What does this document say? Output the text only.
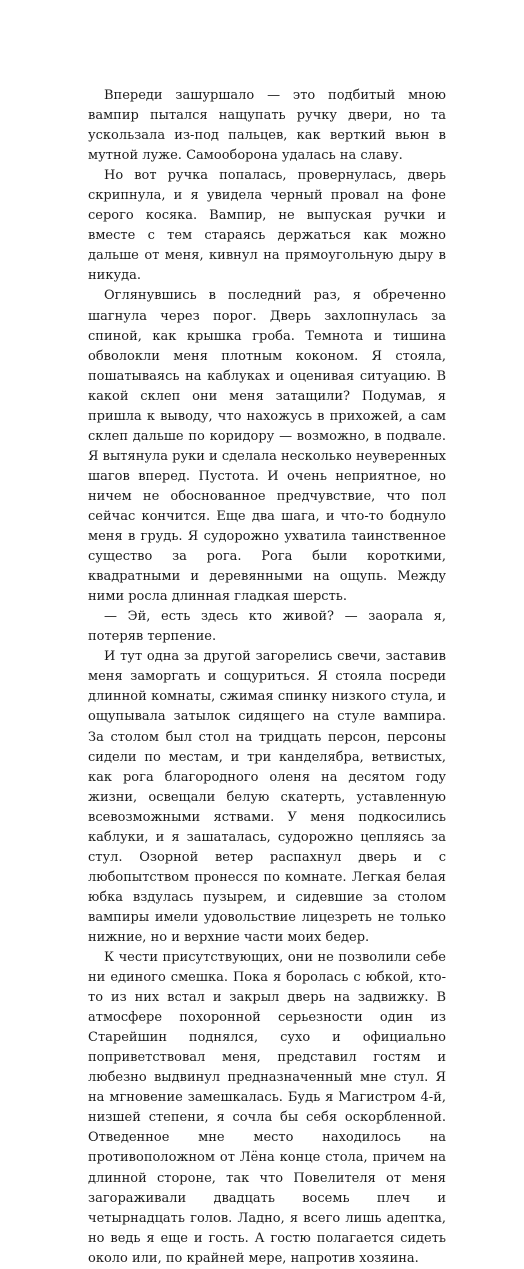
Впереди зашуршало — это подбитый мною вампир пытался нащупать ручку двери, но та ускользала из-под пальцев, как верткий вьюн в мутной луже. Самооборона удалась на славу.

Но вот ручка попалась, провернулась, дверь скрипнула, и я увидела черный провал на фоне серого косяка. Вампир, не выпуская ручки и вместе с тем стараясь держаться как можно дальше от меня, кивнул на прямоугольную дыру в никуда.

Оглянувшись в последний раз, я обреченно шагнула через порог. Дверь захлопнулась за спиной, как крышка гроба. Темнота и тишина обволокли меня плотным коконом. Я стояла, пошатываясь на каблуках и оценивая ситуацию. В какой склеп они меня затащили? Подумав, я пришла к выводу, что нахожусь в прихожей, а сам склеп дальше по коридору — возможно, в подвале. Я вытянула руки и сделала несколько неуверенных шагов вперед. Пустота. И очень неприятное, но ничем не обоснованное предчувствие, что пол сейчас кончится. Еще два шага, и что-то боднуло меня в грудь. Я судорожно ухватила таинственное существо за рога. Рога были короткими, квадратными и деревянными на ощупь. Между ними росла длинная гладкая шерсть.

— Эй, есть здесь кто живой? — заорала я, потеряв терпение.

И тут одна за другой загорелись свечи, заставив меня заморгать и сощуриться. Я стояла посреди длинной комнаты, сжимая спинку низкого стула, и ощупывала затылок сидящего на стуле вампира. За столом был стол на тридцать персон, персоны сидели по местам, и три канделябра, ветвистых, как рога благородного оленя на десятом году жизни, освещали белую скатерть, уставленную всевозможными яствами. У меня подкосились каблуки, и я зашаталась, судорожно цепляясь за стул. Озорной ветер распахнул дверь и с любопытством пронесся по комнате. Легкая белая юбка вздулась пузырем, и сидевшие за столом вампиры имели удовольствие лицезреть не только нижние, но и верхние части моих бедер.

К чести присутствующих, они не позволили себе ни единого смешка. Пока я боролась с юбкой, кто-то из них встал и закрыл дверь на задвижку. В атмосфере похоронной серьезности один из Старейшин поднялся, сухо и официально поприветствовал меня, представил гостям и любезно выдвинул предназначенный мне стул. Я на мгновение замешкалась. Будь я Магистром 4-й, низшей степени, я сочла бы себя оскорбленной. Отведенное мне место находилось на противоположном от Лёна конце стола, причем на длинной стороне, так что Повелителя от меня загораживали двадцать восемь плеч и четырнадцать голов. Ладно, я всего лишь адептка, но ведь я еще и гость. А гостю полагается сидеть около или, по крайней мере, напротив хозяина.
